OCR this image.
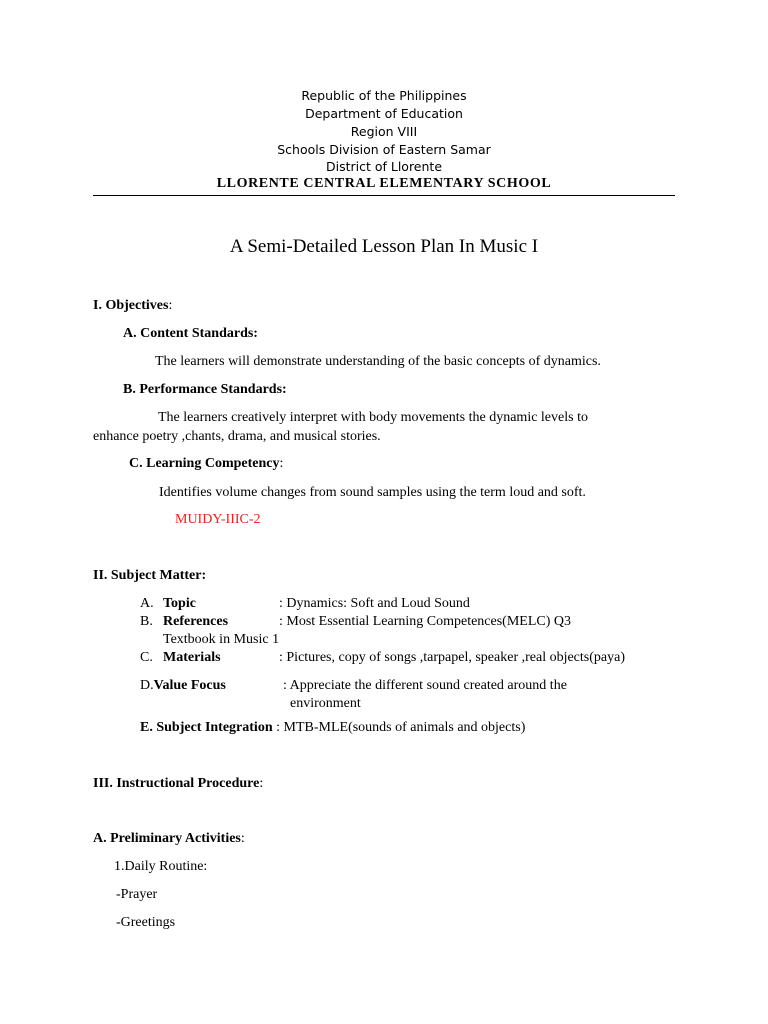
Republic of the Philippines
Department of Education
Region VIII
Schools Division of Eastern Samar
District of Llorente
LLORENTE CENTRAL ELEMENTARY SCHOOL
A Semi-Detailed Lesson Plan In Music I
I. Objectives:
A. Content Standards:
The learners will demonstrate understanding of the basic concepts of dynamics.
B. Performance Standards:
The learners creatively interpret with body movements the dynamic levels to
enhance poetry ,chants, drama, and musical stories.
C. Learning Competency:
Identifies volume changes from sound samples using the term loud and soft.
MUIDY-IIIC-2
II. Subject Matter:
A. Topic	: Dynamics: Soft and Loud Sound
B. References	: Most Essential Learning Competences(MELC) Q3
Textbook in Music 1
C. Materials	: Pictures, copy of songs ,tarpapel, speaker ,real objects(paya)
D.Value Focus	: Appreciate the different sound created around the
environment
E. Subject Integration : MTB-MLE(sounds of animals and objects)
III. Instructional Procedure:
A. Preliminary Activities:
1.Daily Routine:
-Prayer
-Greetings
